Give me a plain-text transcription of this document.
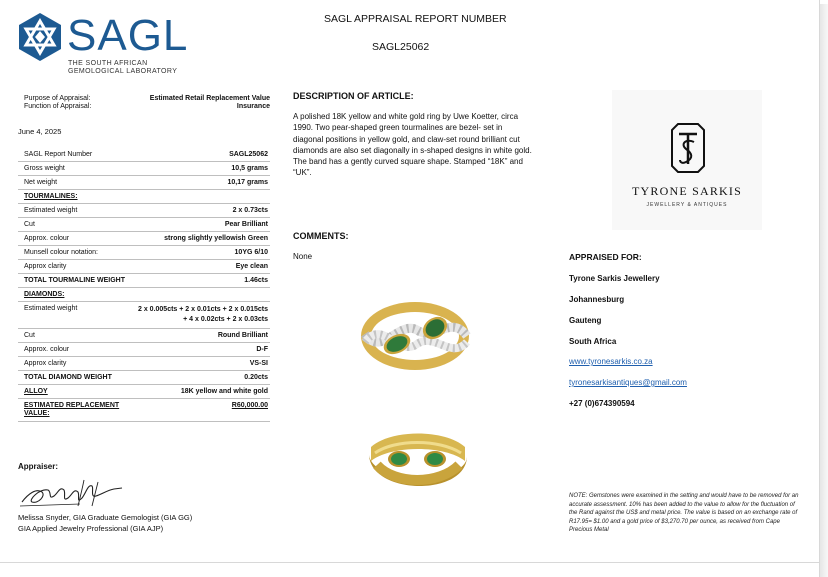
SAGL
THE SOUTH AFRICAN
GEMOLOGICAL LABORATORY
SAGL APPRAISAL REPORT NUMBER
SAGL25062
Purpose of Appraisal:	Estimated Retail Replacement Value
Function of Appraisal:	Insurance
June 4, 2025
SAGL Report Number	SAGL25062
Gross weight	10,5 grams
Net weight	10,17 grams
TOURMALINES:
Estimated weight	2 x 0.73cts
Cut	Pear Brilliant
Approx. colour	strong slightly yellowish Green
Munsell colour notation:	10YG 6/10
Approx clarity	Eye clean
TOTAL TOURMALINE WEIGHT	1.46cts
DIAMONDS:
Estimated weight	2 x 0.005cts + 2 x 0.01cts + 2 x 0.015cts + 4 x 0.02cts + 2 x 0.03cts
Cut	Round Brilliant
Approx. colour	D-F
Approx clarity	VS-SI
TOTAL DIAMOND WEIGHT	0.20cts
ALLOY	18K yellow and white gold
ESTIMATED REPLACEMENT VALUE:
R60,000.00
Appraiser:
Melissa Snyder, GIA Graduate Gemologist (GIA GG)
GIA Applied Jewelry Professional (GIA AJP)
DESCRIPTION OF ARTICLE:
A polished 18K yellow and white gold ring by Uwe Koetter, circa 1990. Two pear-shaped green tourmalines are bezel- set in diagonal positions in yellow gold, and claw-set round brilliant cut diamonds are also set diagonally in s-shaped designs in white gold. The band has a gently curved square shape. Stamped “18K” and “UK”.
COMMENTS:
None
TYRONE SARKIS
JEWELLERY & ANTIQUES
APPRAISED FOR:
Tyrone Sarkis Jewellery
Johannesburg
Gauteng
South Africa
www.tyronesarkis.co.za
tyronesarkisantiques@gmail.com
+27 (0)674390594
NOTE: Gemstones were examined in the setting and would have to be removed for an accurate assessment. 10% has been added to the value to allow for the fluctuation of the Rand against the US$ and metal price. The value is based on an exchange rate of R17.95= $1.00 and a gold price of $3,270.70 per ounce, as received from Cape Precious Metal
